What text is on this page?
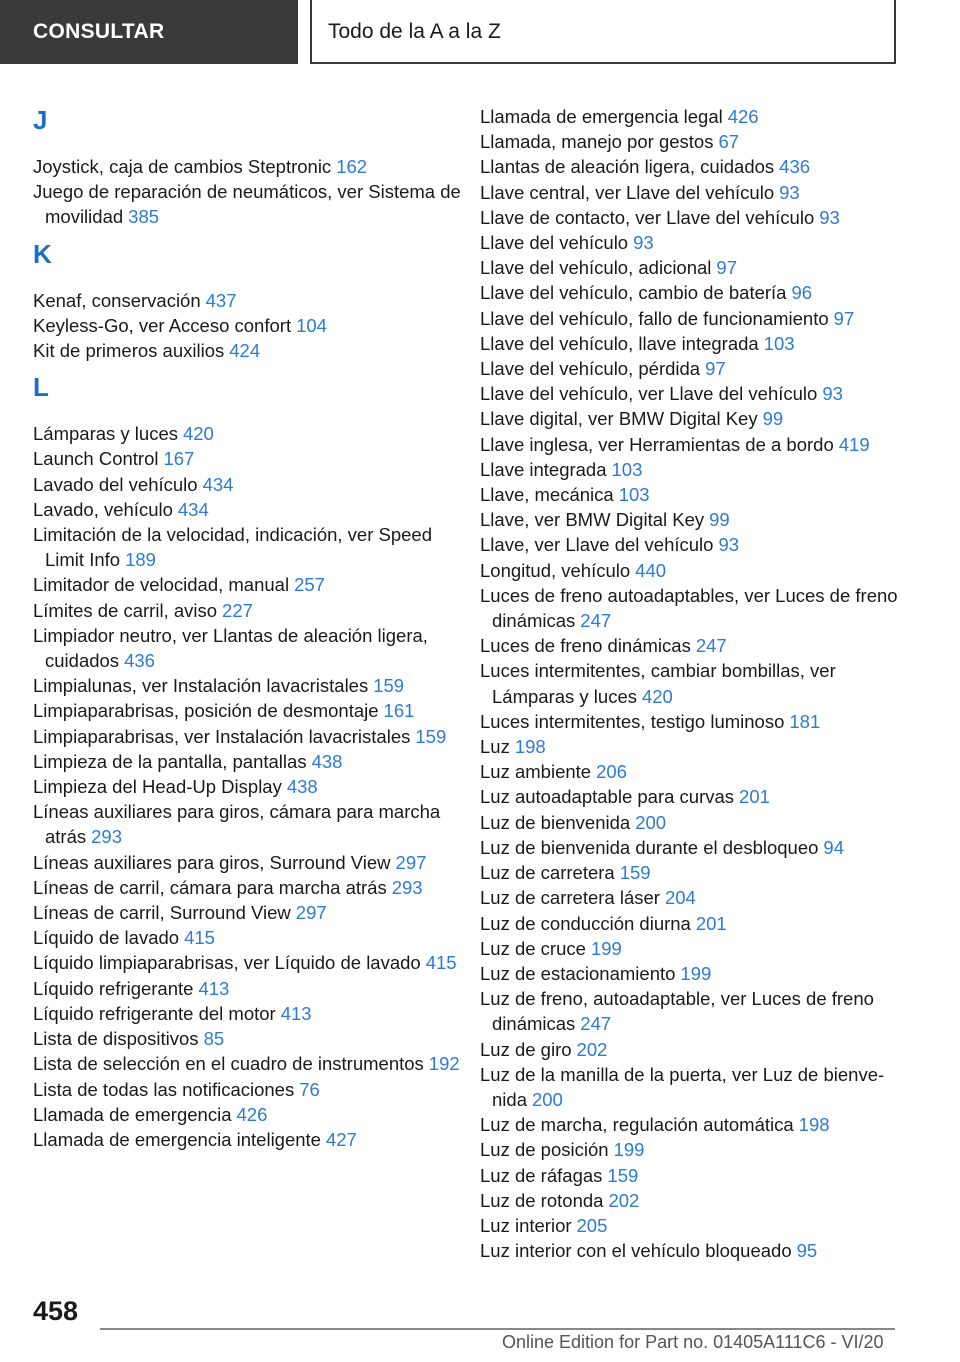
CONSULTAR	Todo de la A a la Z
J

Joystick, caja de cambios Steptronic 162

Juego de reparación de neumáticos, ver Sistema de movilidad 385

K

Kenaf, conservación 437

Keyless-Go, ver Acceso confort 104

Kit de primeros auxilios 424

L

Lámparas y luces 420

Launch Control 167

Lavado del vehículo 434

Lavado, vehículo 434

Limitación de la velocidad, indicación, ver Speed Limit Info 189

Limitador de velocidad, manual 257

Límites de carril, aviso 227

Limpiador neutro, ver Llantas de aleación ligera, cuidados 436

Limpialunas, ver Instalación lavacristales 159

Limpiaparabrisas, posición de desmontaje 161

Limpiaparabrisas, ver Instalación lavacristales 159

Limpieza de la pantalla, pantallas 438

Limpieza del Head-Up Display 438

Líneas auxiliares para giros, cámara para marcha atrás 293

Líneas auxiliares para giros, Surround View 297

Líneas de carril, cámara para marcha atrás 293

Líneas de carril, Surround View 297

Líquido de lavado 415

Líquido limpiaparabrisas, ver Líquido de lavado 415

Líquido refrigerante 413

Líquido refrigerante del motor 413

Lista de dispositivos 85

Lista de selección en el cuadro de instrumentos 192

Lista de todas las notificaciones 76

Llamada de emergencia 426

Llamada de emergencia inteligente 427

Llamada de emergencia legal 426

Llamada, manejo por gestos 67

Llantas de aleación ligera, cuidados 436

Llave central, ver Llave del vehículo 93

Llave de contacto, ver Llave del vehículo 93

Llave del vehículo 93

Llave del vehículo, adicional 97

Llave del vehículo, cambio de batería 96

Llave del vehículo, fallo de funcionamiento 97

Llave del vehículo, llave integrada 103

Llave del vehículo, pérdida 97

Llave del vehículo, ver Llave del vehículo 93

Llave digital, ver BMW Digital Key 99

Llave inglesa, ver Herramientas de a bordo 419

Llave integrada 103

Llave, mecánica 103

Llave, ver BMW Digital Key 99

Llave, ver Llave del vehículo 93

Longitud, vehículo 440

Luces de freno autoadaptables, ver Luces de freno dinámicas 247

Luces de freno dinámicas 247

Luces intermitentes, cambiar bombillas, ver Lámparas y luces 420

Luces intermitentes, testigo luminoso 181

Luz 198

Luz ambiente 206

Luz autoadaptable para curvas 201

Luz de bienvenida 200

Luz de bienvenida durante el desbloqueo 94

Luz de carretera 159

Luz de carretera láser 204

Luz de conducción diurna 201

Luz de cruce 199

Luz de estacionamiento 199

Luz de freno, autoadaptable, ver Luces de freno dinámicas 247

Luz de giro 202

Luz de la manilla de la puerta, ver Luz de bienvenida 200

Luz de marcha, regulación automática 198

Luz de posición 199

Luz de ráfagas 159

Luz de rotonda 202

Luz interior 205

Luz interior con el vehículo bloqueado 95

458
Online Edition for Part no. 01405A111C6 - VI/20
